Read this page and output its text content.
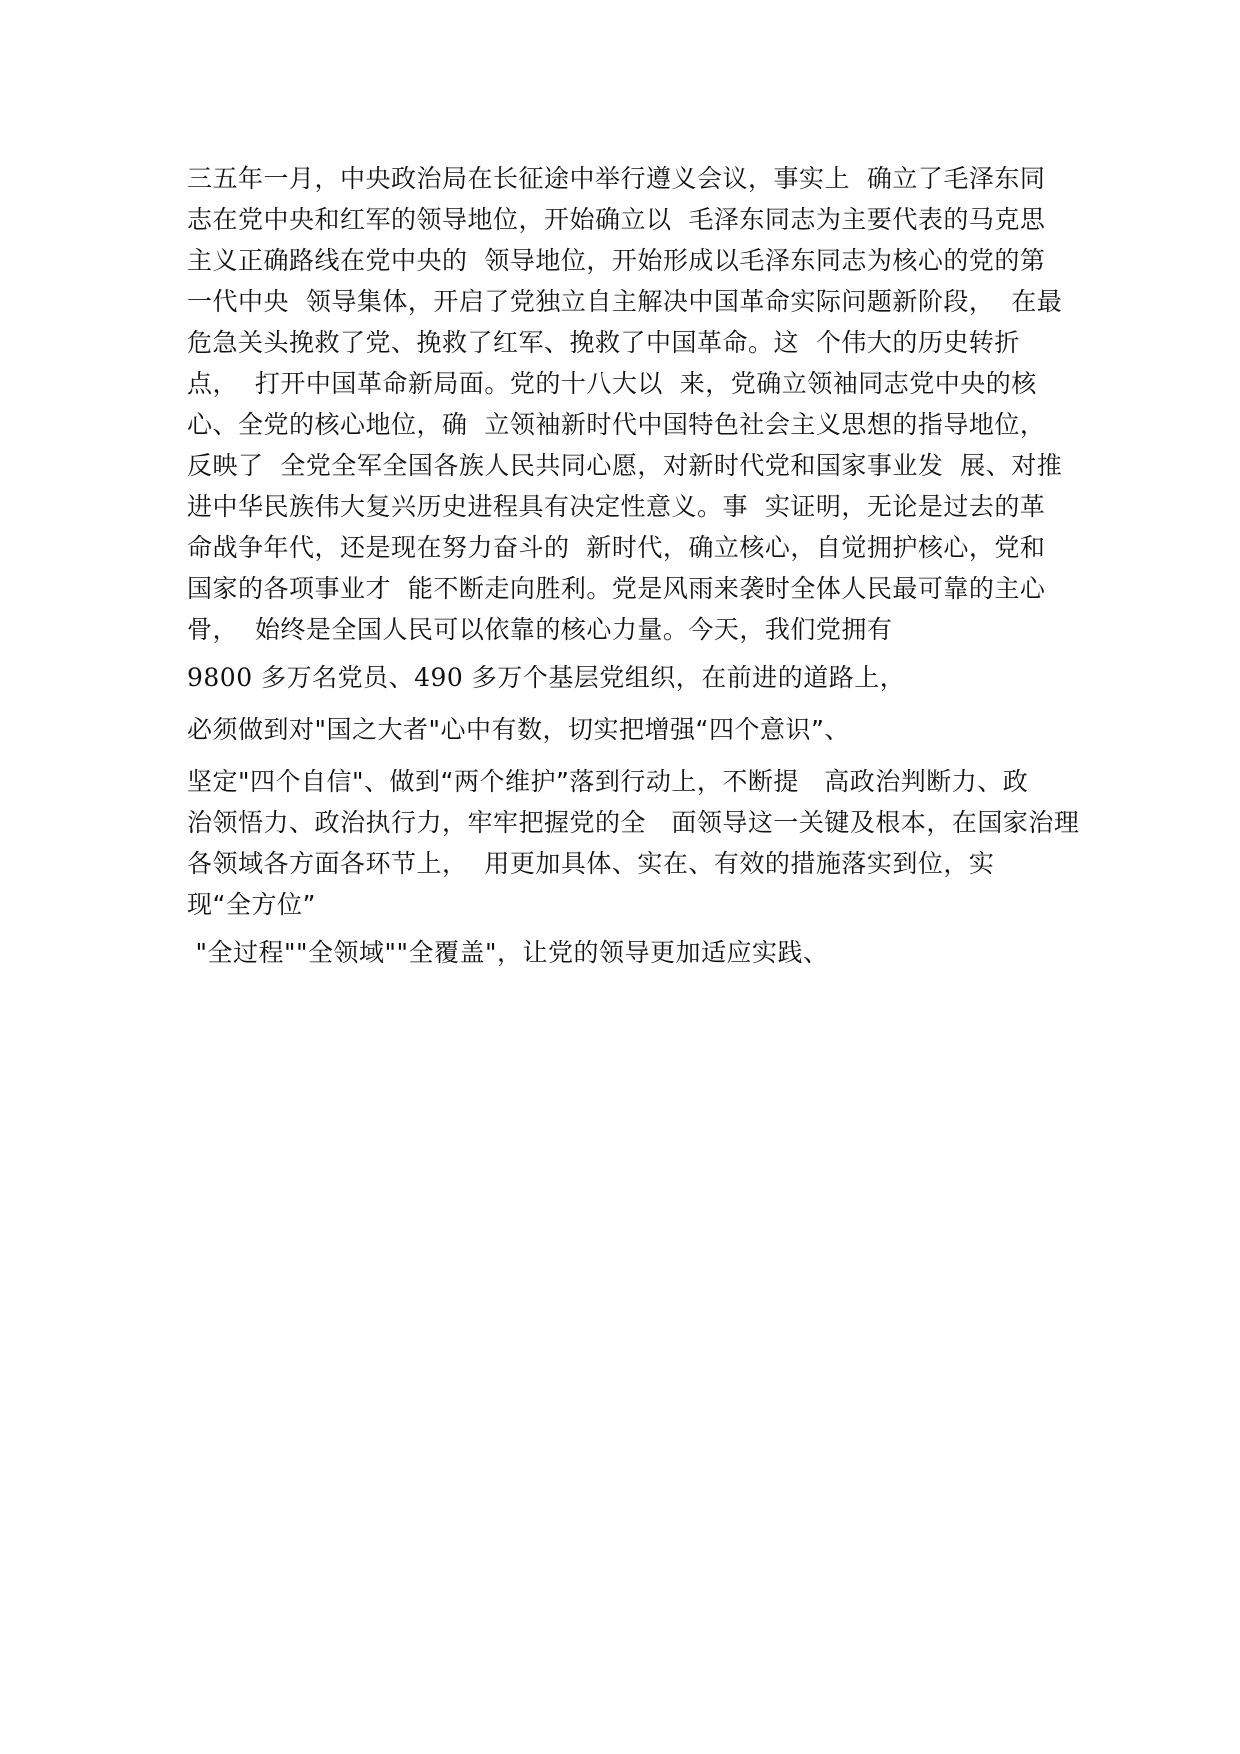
三五年一月，中央政治局在长征途中举行遵义会议，事实上  确立了毛泽东同
志在党中央和红军的领导地位，开始确立以  毛泽东同志为主要代表的马克思
主义正确路线在党中央的  领导地位，开始形成以毛泽东同志为核心的党的第
一代中央  领导集体，开启了党独立自主解决中国革命实际问题新阶段，  在最
危急关头挽救了党、挽救了红军、挽救了中国革命。这  个伟大的历史转折
点，  打开中国革命新局面。党的十八大以  来，党确立领袖同志党中央的核
心、全党的核心地位，确  立领袖新时代中国特色社会主义思想的指导地位，
反映了  全党全军全国各族人民共同心愿，对新时代党和国家事业发  展、对推
进中华民族伟大复兴历史进程具有决定性意义。事  实证明，无论是过去的革
命战争年代，还是现在努力奋斗的  新时代，确立核心，自觉拥护核心，党和
国家的各项事业才  能不断走向胜利。党是风雨来袭时全体人民最可靠的主心
骨，  始终是全国人民可以依靠的核心力量。今天，我们党拥有
9800 多万名党员、490 多万个基层党组织，在前进的道路上，
必须做到对"国之大者"心中有数，切实把增强“四个意识”、
坚定"四个自信"、做到“两个维护”落到行动上，不断提   高政治判断力、政
治领悟力、政治执行力，牢牢把握党的全   面领导这一关键及根本，在国家治理
各领域各方面各环节上，  用更加具体、实在、有效的措施落实到位，实
现“全方位”
"全过程""全领域""全覆盖"，让党的领导更加适应实践、
